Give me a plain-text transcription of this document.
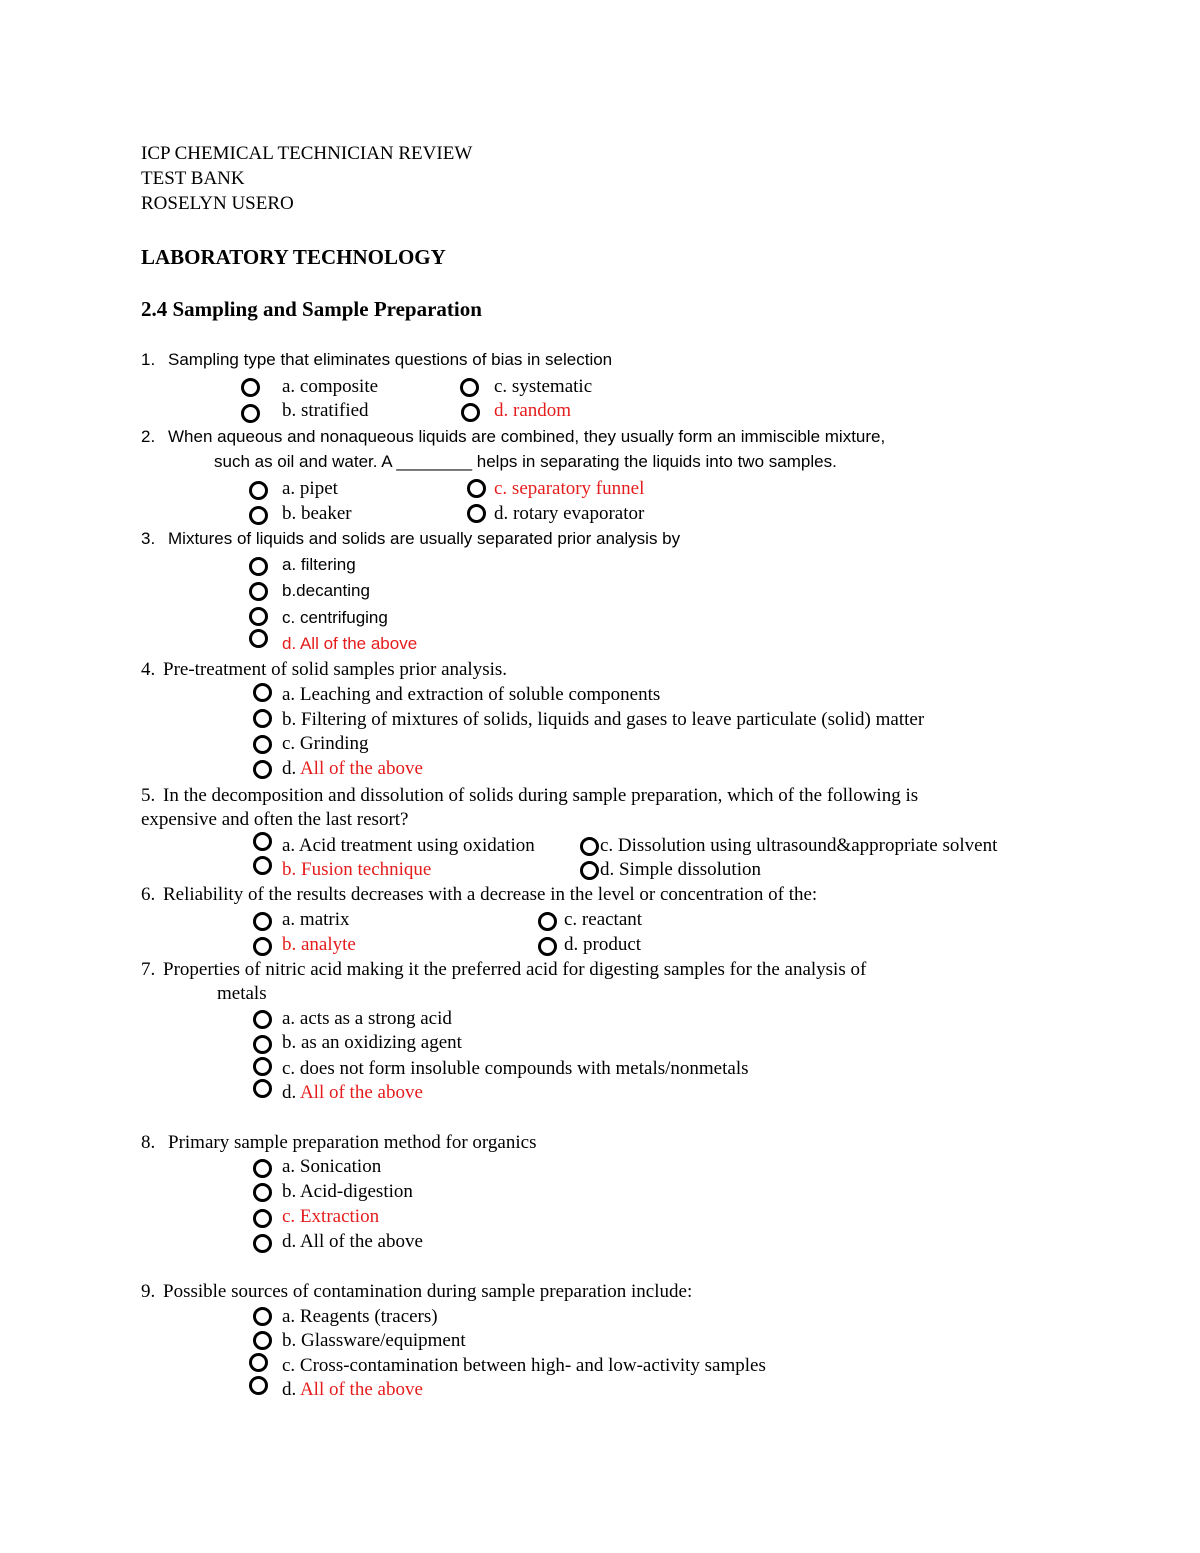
ICP CHEMICAL TECHNICIAN REVIEW
TEST BANK
ROSELYN USERO
LABORATORY TECHNOLOGY
2.4 Sampling and Sample Preparation
1. Sampling type that eliminates questions of bias in selection
a. composite	c. systematic
b. stratified	d. random
2. When aqueous and nonaqueous liquids are combined, they usually form an immiscible mixture,
such as oil and water. A ________ helps in separating the liquids into two samples.
a. pipet	c. separatory funnel
b. beaker	d. rotary evaporator
3. Mixtures of liquids and solids are usually separated prior analysis by
a. filtering
b.decanting
c. centrifuging
d. All of the above
4. Pre-treatment of solid samples prior analysis.
a. Leaching and extraction of soluble components
b. Filtering of mixtures of solids, liquids and gases to leave particulate (solid) matter
c. Grinding
d. All of the above
5. In the decomposition and dissolution of solids during sample preparation, which of the following is
expensive and often the last resort?
a. Acid treatment using oxidation	c. Dissolution using ultrasound&appropriate solvent
b. Fusion technique	d. Simple dissolution
6. Reliability of the results decreases with a decrease in the level or concentration of the:
a. matrix	c. reactant
b. analyte	d. product
7. Properties of nitric acid making it the preferred acid for digesting samples for the analysis of
metals
a. acts as a strong acid
b. as an oxidizing agent
c. does not form insoluble compounds with metals/nonmetals
d. All of the above
8. Primary sample preparation method for organics
a. Sonication
b. Acid-digestion
c. Extraction
d. All of the above
9. Possible sources of contamination during sample preparation include:
a. Reagents (tracers)
b. Glassware/equipment
c. Cross-contamination between high- and low-activity samples
d. All of the above
